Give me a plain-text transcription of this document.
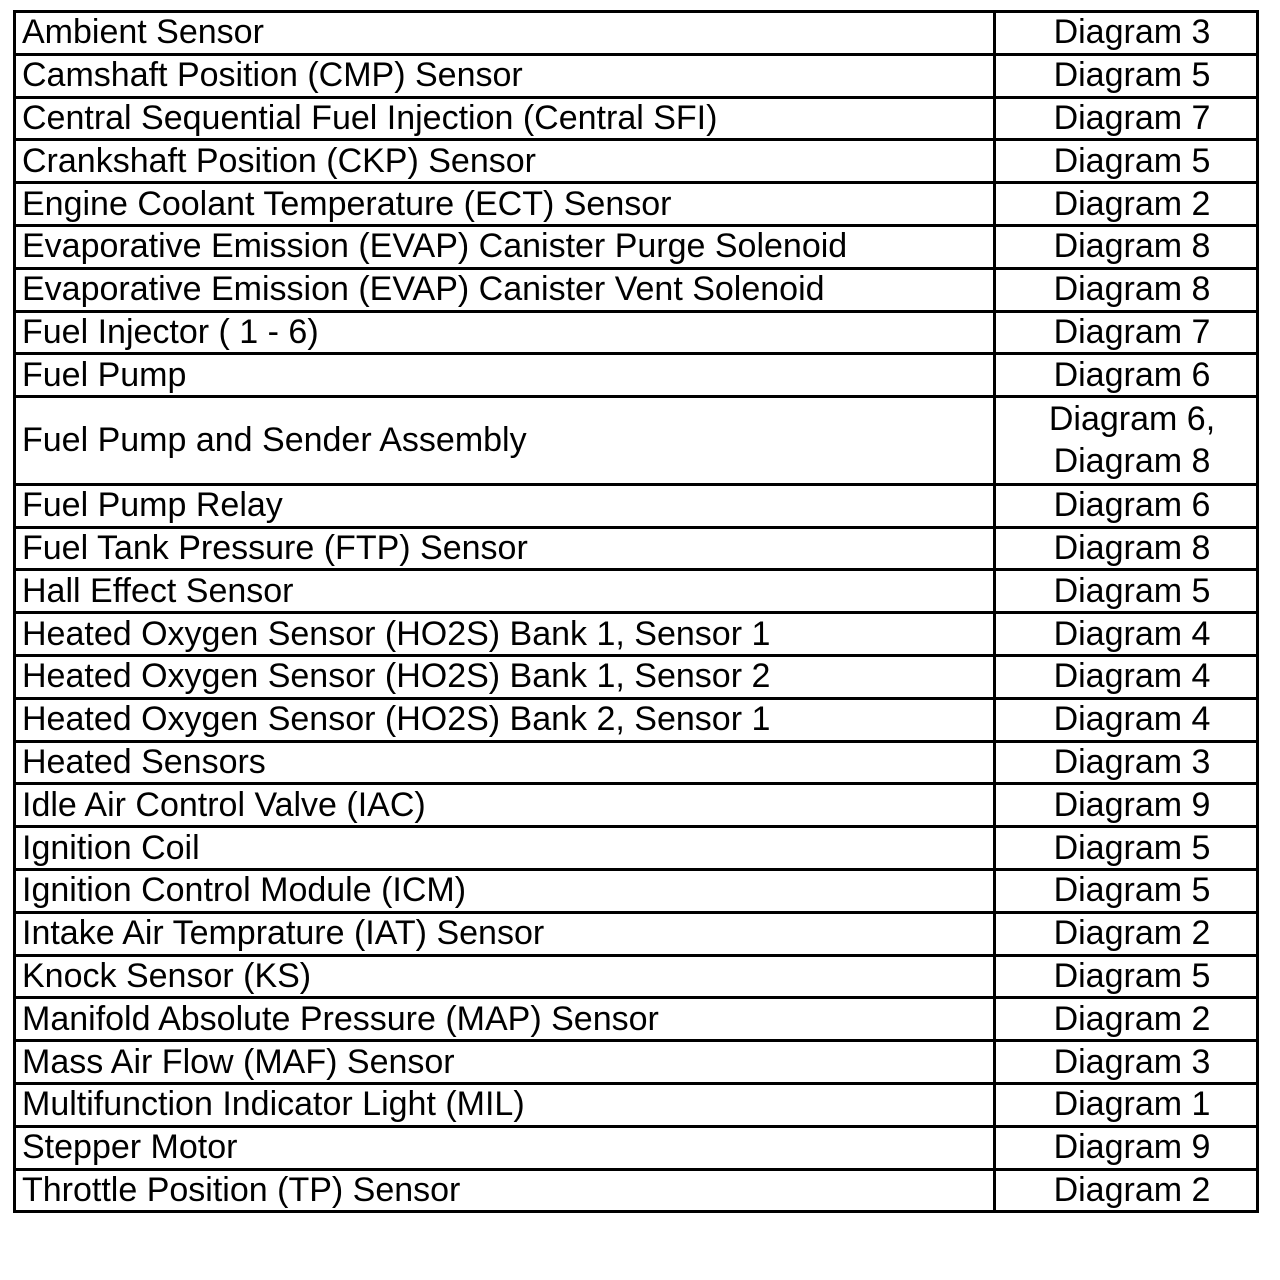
Ambient Sensor	Diagram 3
Camshaft Position (CMP) Sensor	Diagram 5
Central Sequential Fuel Injection (Central SFI)	Diagram 7
Crankshaft Position (CKP) Sensor	Diagram 5
Engine Coolant Temperature (ECT) Sensor	Diagram 2
Evaporative Emission (EVAP) Canister Purge Solenoid	Diagram 8
Evaporative Emission (EVAP) Canister Vent Solenoid	Diagram 8
Fuel Injector ( 1 - 6)	Diagram 7
Fuel Pump	Diagram 6
Fuel Pump and Sender Assembly	Diagram 6, Diagram 8
Fuel Pump Relay	Diagram 6
Fuel Tank Pressure (FTP) Sensor	Diagram 8
Hall Effect Sensor	Diagram 5
Heated Oxygen Sensor (HO2S) Bank 1, Sensor 1	Diagram 4
Heated Oxygen Sensor (HO2S) Bank 1, Sensor 2	Diagram 4
Heated Oxygen Sensor (HO2S) Bank 2, Sensor 1	Diagram 4
Heated Sensors	Diagram 3
Idle Air Control Valve (IAC)	Diagram 9
Ignition Coil	Diagram 5
Ignition Control Module (ICM)	Diagram 5
Intake Air Temprature (IAT) Sensor	Diagram 2
Knock Sensor (KS)	Diagram 5
Manifold Absolute Pressure (MAP) Sensor	Diagram 2
Mass Air Flow (MAF) Sensor	Diagram 3
Multifunction Indicator Light (MIL)	Diagram 1
Stepper Motor	Diagram 9
Throttle Position (TP) Sensor	Diagram 2
